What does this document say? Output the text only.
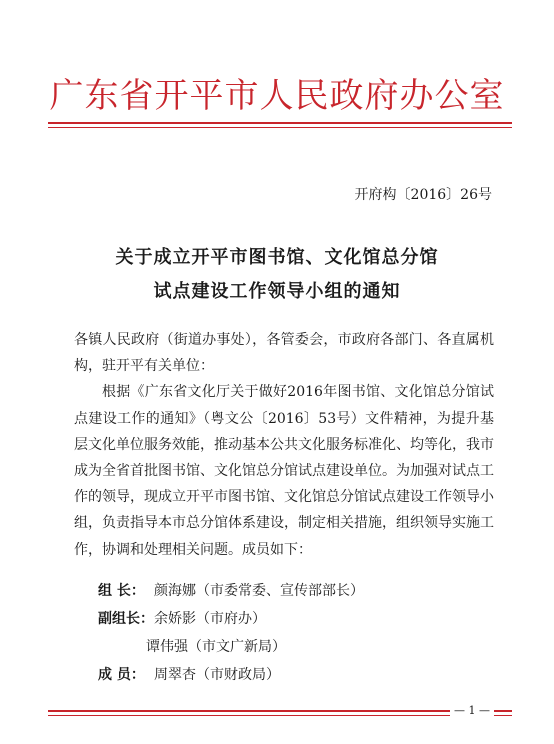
广东省开平市人民政府办公室
开府构〔2016〕26号
关于成立开平市图书馆、文化馆总分馆
试点建设工作领导小组的通知

各镇人民政府（街道办事处），各管委会，市政府各部门、各直属机构，驻开平有关单位：

根据《广东省文化厅关于做好2016年图书馆、文化馆总分馆试点建设工作的通知》（粤文公〔2016〕53号）文件精神，为提升基层文化单位服务效能，推动基本公共文化服务标准化、均等化，我市成为全省首批图书馆、文化馆总分馆试点建设单位。为加强对试点工作的领导，现成立开平市图书馆、文化馆总分馆试点建设工作领导小组，负责指导本市总分馆体系建设，制定相关措施，组织领导实施工作，协调和处理相关问题。成员如下：

组 长： 颜海娜（市委常委、宣传部部长）
副组长：余娇影（市府办）
谭伟强（市文广新局）
成 员： 周翠杏（市财政局）
— 1 —
